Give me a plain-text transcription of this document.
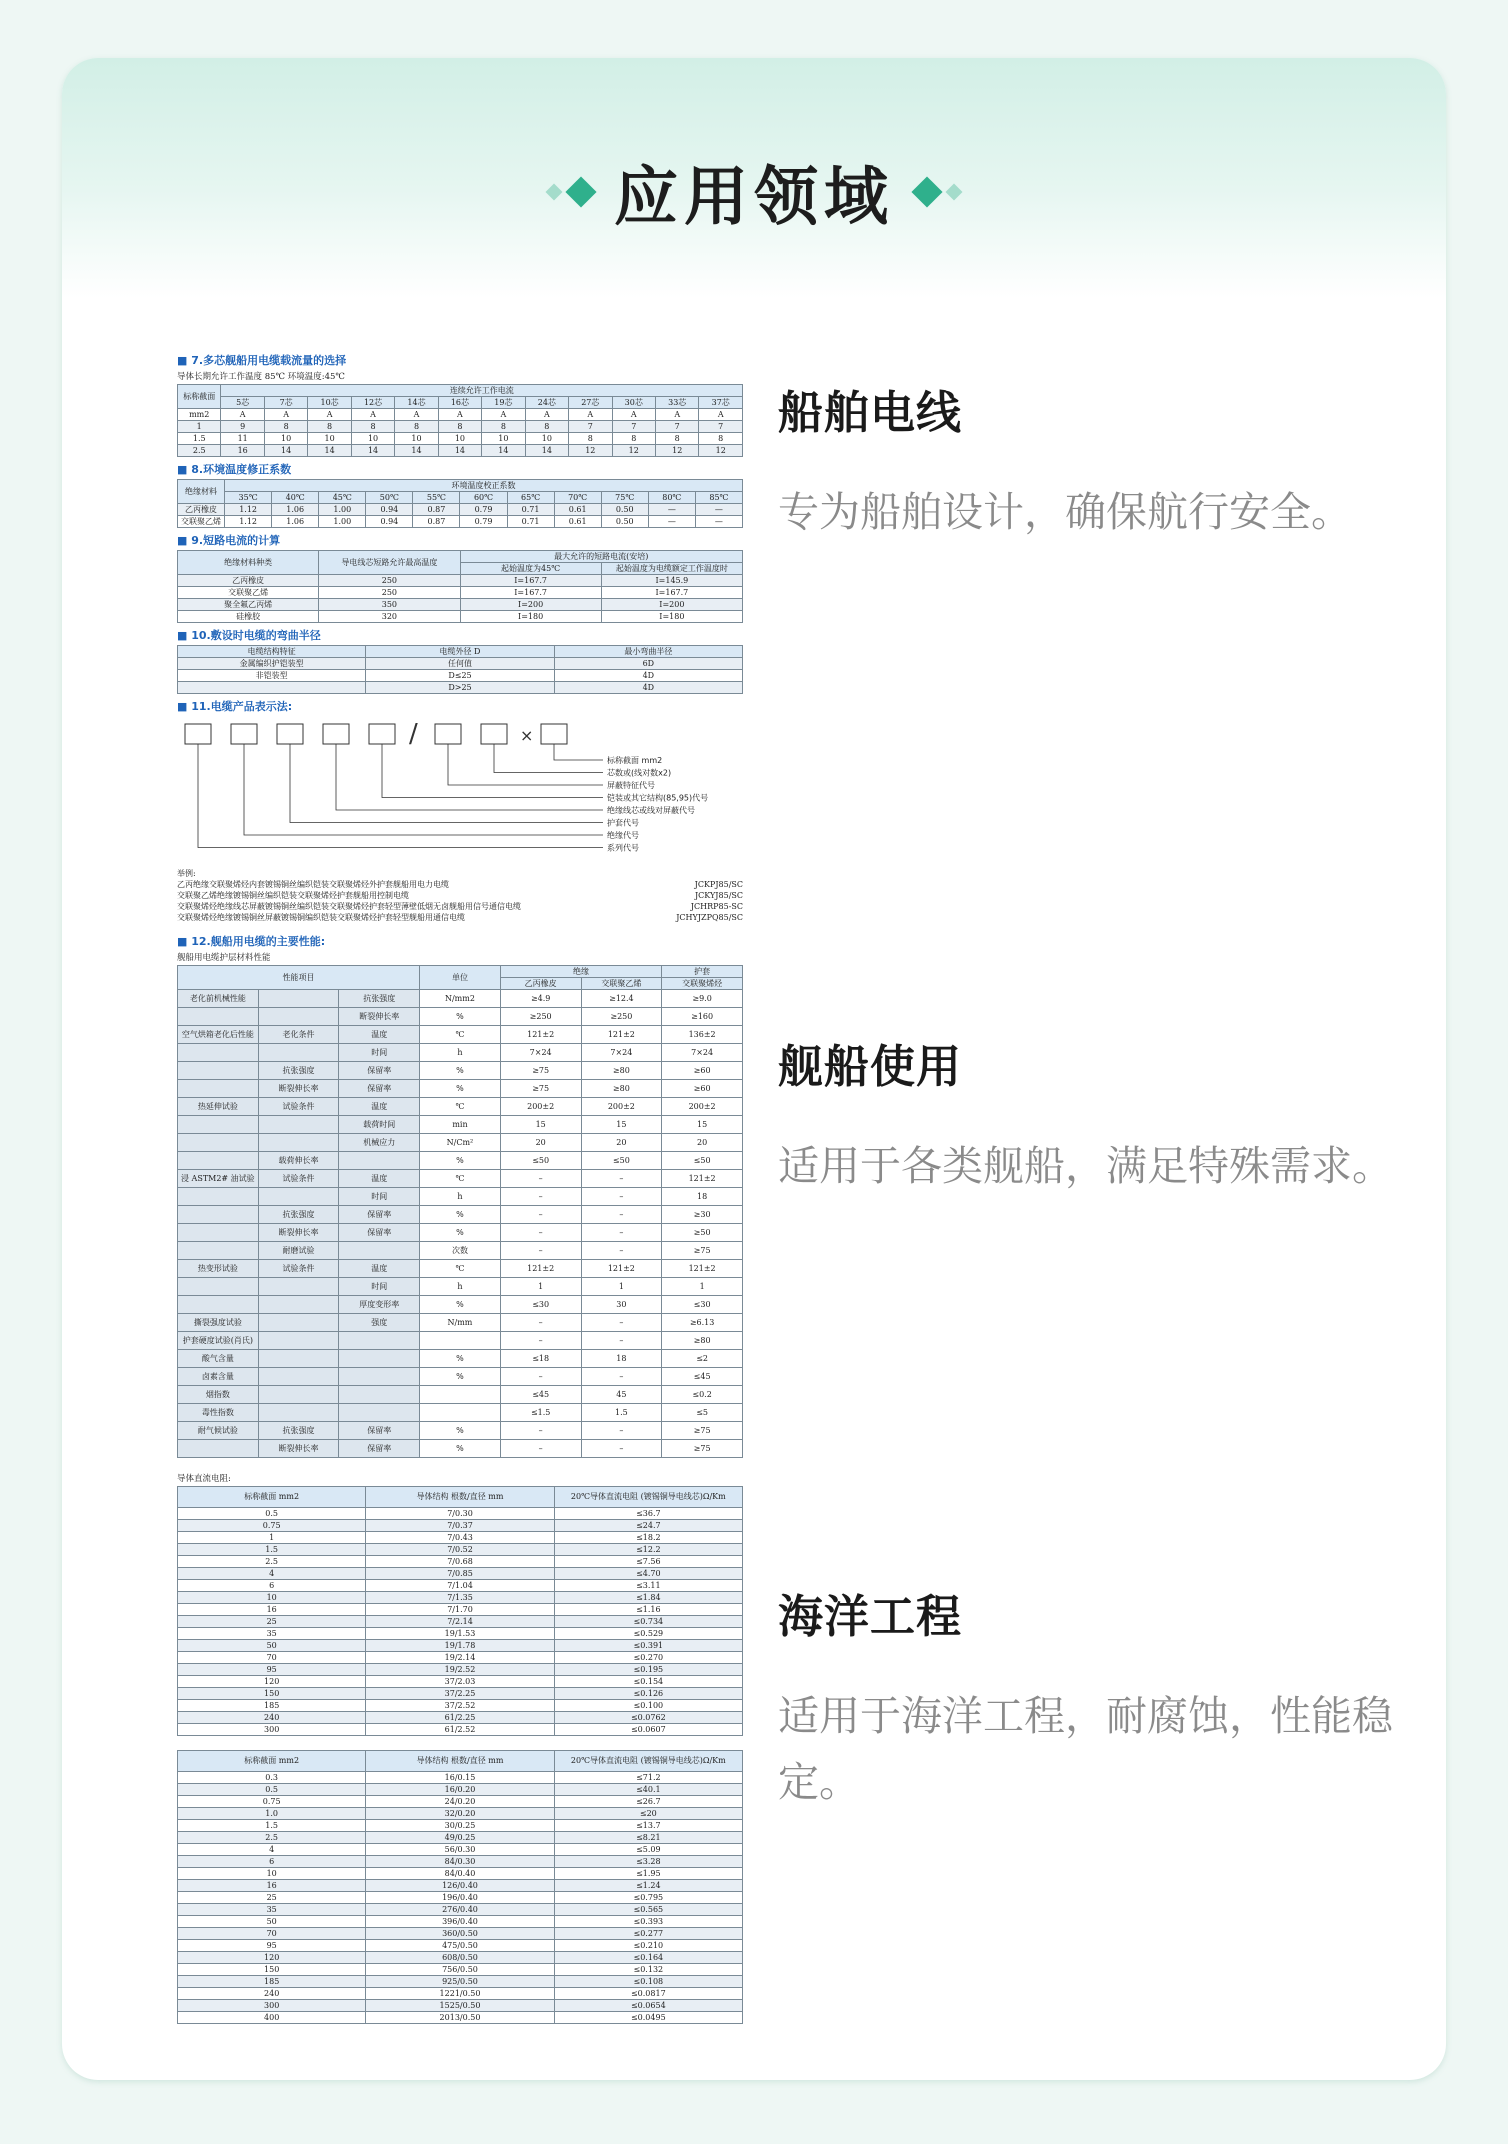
应用领域
■ 7.多芯舰船用电缆载流量的选择
导体长期允许工作温度 85℃ 环境温度:45℃
标称截面	连续允许工作电流											
	5芯	7芯	10芯	12芯	14芯	16芯	19芯	24芯	27芯	30芯	33芯	37芯
mm2	A	A	A	A	A	A	A	A	A	A	A	A
1	9	8	8	8	8	8	8	8	7	7	7	7
1.5	11	10	10	10	10	10	10	10	8	8	8	8
2.5	16	14	14	14	14	14	14	14	12	12	12	12
■ 8.环境温度修正系数
绝缘材料	环境温度校正系数										
	35℃	40℃	45℃	50℃	55℃	60℃	65℃	70℃	75℃	80℃	85℃
乙丙橡皮	1.12	1.06	1.00	0.94	0.87	0.79	0.71	0.61	0.50	—	—
交联聚乙烯	1.12	1.06	1.00	0.94	0.87	0.79	0.71	0.61	0.50	—	—
■ 9.短路电流的计算
绝缘材料种类	导电线芯短路允许最高温度	最大允许的短路电流(安培)	
		起始温度为45℃	起始温度为电缆额定工作温度时
乙丙橡皮	250	I=167.7	I=145.9
交联聚乙烯	250	I=167.7	I=167.7
聚全氟乙丙烯	350	I=200	I=200
硅橡胶	320	I=180	I=180
■ 10.敷设时电缆的弯曲半径
电缆结构特征	电缆外径 D	最小弯曲半径
金属编织护铠装型	任何值	6D
非铠装型	D≤25	4D
	D>25	4D
■ 11.电缆产品表示法:
/	×
标称截面 mm2
芯数或(线对数x2)
屏蔽特征代号
铠装或其它结构(85,95)代号
绝缘线芯或线对屏蔽代号
护套代号
绝缘代号
系列代号
举例:
乙丙绝缘交联聚烯烃内套镀锡铜丝编织铠装交联聚烯烃外护套舰船用电力电缆	JCKPJ85/SC
交联聚乙烯绝缘镀锡铜丝编织铠装交联聚烯烃护套舰船用控制电缆	JCKYJ85/SC
交联聚烯烃绝缘线芯屏蔽镀锡铜丝编织铠装交联聚烯烃护套轻型薄壁低烟无卤舰船用信号通信电缆	JCHRP85-SC
交联聚烯烃绝缘镀锡铜丝屏蔽镀锡铜编织铠装交联聚烯烃护套轻型舰船用通信电缆	JCHYJZPQ85/SC
■ 12.舰船用电缆的主要性能:
舰船用电缆护层材料性能
性能项目			单位	绝缘		护套
				乙丙橡皮	交联聚乙烯	交联聚烯烃
老化前机械性能		抗张强度	N/mm2	≥4.9	≥12.4	≥9.0
		断裂伸长率	%	≥250	≥250	≥160
空气烘箱老化后性能	老化条件	温度	℃	121±2	121±2	136±2
		时间	h	7×24	7×24	7×24
	抗张强度	保留率	%	≥75	≥80	≥60
	断裂伸长率	保留率	%	≥75	≥80	≥60
热延伸试验	试验条件	温度	℃	200±2	200±2	200±2
		载荷时间	min	15	15	15
		机械应力	N/Cm²	20	20	20
	载荷伸长率		%	≤50	≤50	≤50
浸 ASTM2# 油试验	试验条件	温度	℃	–	–	121±2
		时间	h	–	–	18
	抗张强度	保留率	%	–	–	≥30
	断裂伸长率	保留率	%	–	–	≥50
	耐磨试验		次数	–	–	≥75
热变形试验	试验条件	温度	℃	121±2	121±2	121±2
		时间	h	1	1	1
		厚度变形率	%	≤30	30	≤30
撕裂强度试验		强度	N/mm	–	–	≥6.13
护套硬度试验(肖氏)				–	–	≥80
酸气含量			%	≤18	18	≤2
卤素含量			%	–	–	≤45
烟指数				≤45	45	≤0.2
毒性指数				≤1.5	1.5	≤5
耐气候试验	抗张强度	保留率	%	–	–	≥75
	断裂伸长率	保留率	%	–	–	≥75
导体直流电阻:
标称截面 mm2	导体结构 根数/直径 mm	20℃导体直流电阻 (镀锡铜导电线芯)Ω/Km
0.5	7/0.30	≤36.7
0.75	7/0.37	≤24.7
1	7/0.43	≤18.2
1.5	7/0.52	≤12.2
2.5	7/0.68	≤7.56
4	7/0.85	≤4.70
6	7/1.04	≤3.11
10	7/1.35	≤1.84
16	7/1.70	≤1.16
25	7/2.14	≤0.734
35	19/1.53	≤0.529
50	19/1.78	≤0.391
70	19/2.14	≤0.270
95	19/2.52	≤0.195
120	37/2.03	≤0.154
150	37/2.25	≤0.126
185	37/2.52	≤0.100
240	61/2.25	≤0.0762
300	61/2.52	≤0.0607
标称截面 mm2	导体结构 根数/直径 mm	20℃导体直流电阻 (镀锡铜导电线芯)Ω/Km
0.3	16/0.15	≤71.2
0.5	16/0.20	≤40.1
0.75	24/0.20	≤26.7
1.0	32/0.20	≤20
1.5	30/0.25	≤13.7
2.5	49/0.25	≤8.21
4	56/0.30	≤5.09
6	84/0.30	≤3.28
10	84/0.40	≤1.95
16	126/0.40	≤1.24
25	196/0.40	≤0.795
35	276/0.40	≤0.565
50	396/0.40	≤0.393
70	360/0.50	≤0.277
95	475/0.50	≤0.210
120	608/0.50	≤0.164
150	756/0.50	≤0.132
185	925/0.50	≤0.108
240	1221/0.50	≤0.0817
300	1525/0.50	≤0.0654
400	2013/0.50	≤0.0495
船舶电线

专为船舶设计，确保航行安全。

舰船使用

适用于各类舰船，满足特殊需求。

海洋工程

适用于海洋工程，耐腐蚀，性能稳定。
